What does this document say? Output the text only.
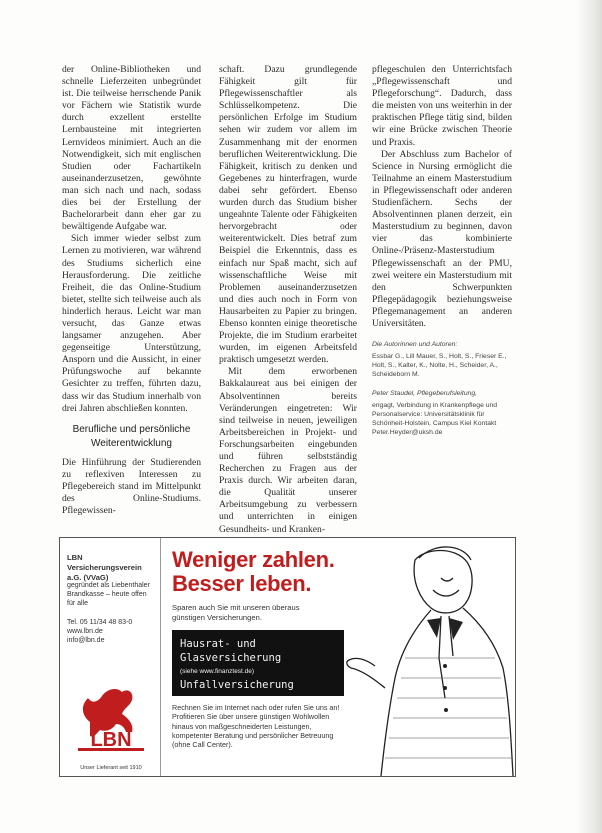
der Online-Bibliotheken und schnelle Lieferzeiten unbegründet ist. Die teilweise herrschende Panik vor Fächern wie Statistik wurde durch exzellent erstellte Lernbausteine mit integrierten Lernvideos minimiert. Auch an die Notwendigkeit, sich mit englischen Studien oder Fachartikeln auseinanderzusetzen, gewöhnte man sich nach und nach, sodass dies bei der Erstellung der Bachelorarbeit dann eher gar zu bewältigende Aufgabe war.

Sich immer wieder selbst zum Lernen zu motivieren, war während des Studiums sicherlich eine Herausforderung. Die zeitliche Freiheit, die das Online-Studium bietet, stellte sich teilweise auch als hinderlich heraus. Leicht war man versucht, das Ganze etwas langsamer anzugehen. Aber gegenseitige Unterstützung, Ansporn und die Aussicht, in einer Prüfungswoche auf bekannte Gesichter zu treffen, führten dazu, dass wir das Studium innerhalb von drei Jahren abschließen konnten.

Berufliche und persönliche Weiterentwicklung

Die Hinführung der Studierenden zu reflexiven Interessen zu Pflegebereich stand im Mittelpunkt des Online-Studiums. Pflegewissen-

schaft. Dazu grundlegende Fähigkeit gilt für Pflegewissenschaftler als Schlüsselkompetenz. Die persönlichen Erfolge im Studium sehen wir zudem vor allem im Zusammenhang mit der enormen beruflichen Weiterentwicklung. Die Fähigkeit, kritisch zu denken und Gegebenes zu hinterfragen, wurde dabei sehr gefördert. Ebenso wurden durch das Studium bisher ungeahnte Talente oder Fähigkeiten hervorgebracht oder weiterentwickelt. Dies betraf zum Beispiel die Erkenntnis, dass es einfach nur Spaß macht, sich auf wissenschaftliche Weise mit Problemen auseinanderzusetzen und dies auch noch in Form von Hausarbeiten zu Papier zu bringen. Ebenso konnten einige theoretische Projekte, die im Studium erarbeitet wurden, im eigenen Arbeitsfeld praktisch umgesetzt werden.

Mit dem erworbenen Bakkalaureat aus bei einigen der Absolventinnen bereits Veränderungen eingetreten: Wir sind teilweise in neuen, jeweiligen Arbeitsbereichen in Projekt- und Forschungsarbeiten eingebunden und führen selbstständig Recherchen zu Fragen aus der Praxis durch. Wir arbeiten daran, die Qualität unserer Arbeitsumgebung zu verbessern und unterrichten in einigen Gesundheits- und Kranken-

pflegeschulen den Unterrichtsfach „Pflegewissenschaft und Pflegeforschung“. Dadurch, dass die meisten von uns weiterhin in der praktischen Pflege tätig sind, bilden wir eine Brücke zwischen Theorie und Praxis.

Der Abschluss zum Bachelor of Science in Nursing ermöglicht die Teilnahme an einem Masterstudium in Pflegewissenschaft oder anderen Studienfächern. Sechs der Absolventinnen planen derzeit, ein Masterstudium zu beginnen, davon vier das kombinierte Online-/Präsenz-Masterstudium Pflegewissenschaft an der PMU, zwei weitere ein Masterstudium mit den Schwerpunkten Pflegepädagogik beziehungsweise Pflegemanagement an anderen Universitäten.

Die Autorinnen und Autoren:
Essbar G., Lill Mauer, S., Holt, S., Frieser E., Holt, S., Kalter, K., Nolte, H., Scheider, A., Scheideborn M.
Peter Staudel, Pflegeberufsleitung,
engagt, Verbindung in Krankenpflege und Personalservice: Universitätsklinik für Schönheit-Holstein, Campus Kiel Kontakt Peter.Heyder@uksh.de
LBN Versicherungsverein a.G. (VVaG)
gegründet als Liebenthaler Brandkasse – heute offen für alle
Tel. 05 11/34 48 83-0
www.lbn.de
info@lbn.de
LBN
Unser Lieferant seit 1910
Weniger zahlen.
Besser leben.
Sparen auch Sie mit unseren überaus günstigen Versicherungen.
Hausrat- und
Glasversicherung
(siehe www.finanztest.de)
Unfallversicherung
Rechnen Sie im Internet nach oder rufen Sie uns an! Profitieren Sie über unsere günstigen Wohlwollen hinaus von maßgeschneiderten Leistungen, kompetenter Beratung und persönlicher Betreuung (ohne Call Center).
